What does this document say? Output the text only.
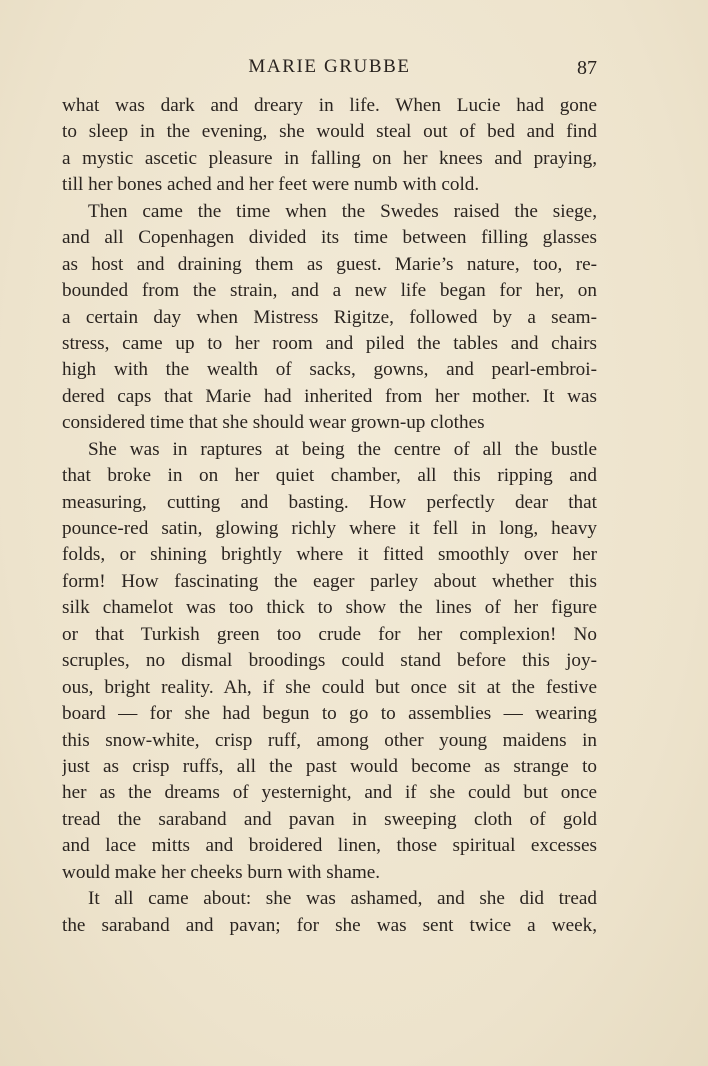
MARIE GRUBBE	87
what was dark and dreary in life. When Lucie had gone
to sleep in the evening, she would steal out of bed and find
a mystic ascetic pleasure in falling on her knees and praying,
till her bones ached and her feet were numb with cold.
Then came the time when the Swedes raised the siege,
and all Copenhagen divided its time between filling glasses
as host and draining them as guest. Marie’s nature, too, re-
bounded from the strain, and a new life began for her, on
a certain day when Mistress Rigitze, followed by a seam-
stress, came up to her room and piled the tables and chairs
high with the wealth of sacks, gowns, and pearl-embroi-
dered caps that Marie had inherited from her mother. It was
considered time that she should wear grown-up clothes
She was in raptures at being the centre of all the bustle
that broke in on her quiet chamber, all this ripping and
measuring, cutting and basting. How perfectly dear that
pounce-red satin, glowing richly where it fell in long, heavy
folds, or shining brightly where it fitted smoothly over her
form! How fascinating the eager parley about whether this
silk chamelot was too thick to show the lines of her figure
or that Turkish green too crude for her complexion! No
scruples, no dismal broodings could stand before this joy-
ous, bright reality. Ah, if she could but once sit at the festive
board — for she had begun to go to assemblies — wearing
this snow-white, crisp ruff, among other young maidens in
just as crisp ruffs, all the past would become as strange to
her as the dreams of yesternight, and if she could but once
tread the saraband and pavan in sweeping cloth of gold
and lace mitts and broidered linen, those spiritual excesses
would make her cheeks burn with shame.
It all came about: she was ashamed, and she did tread
the saraband and pavan; for she was sent twice a week,
